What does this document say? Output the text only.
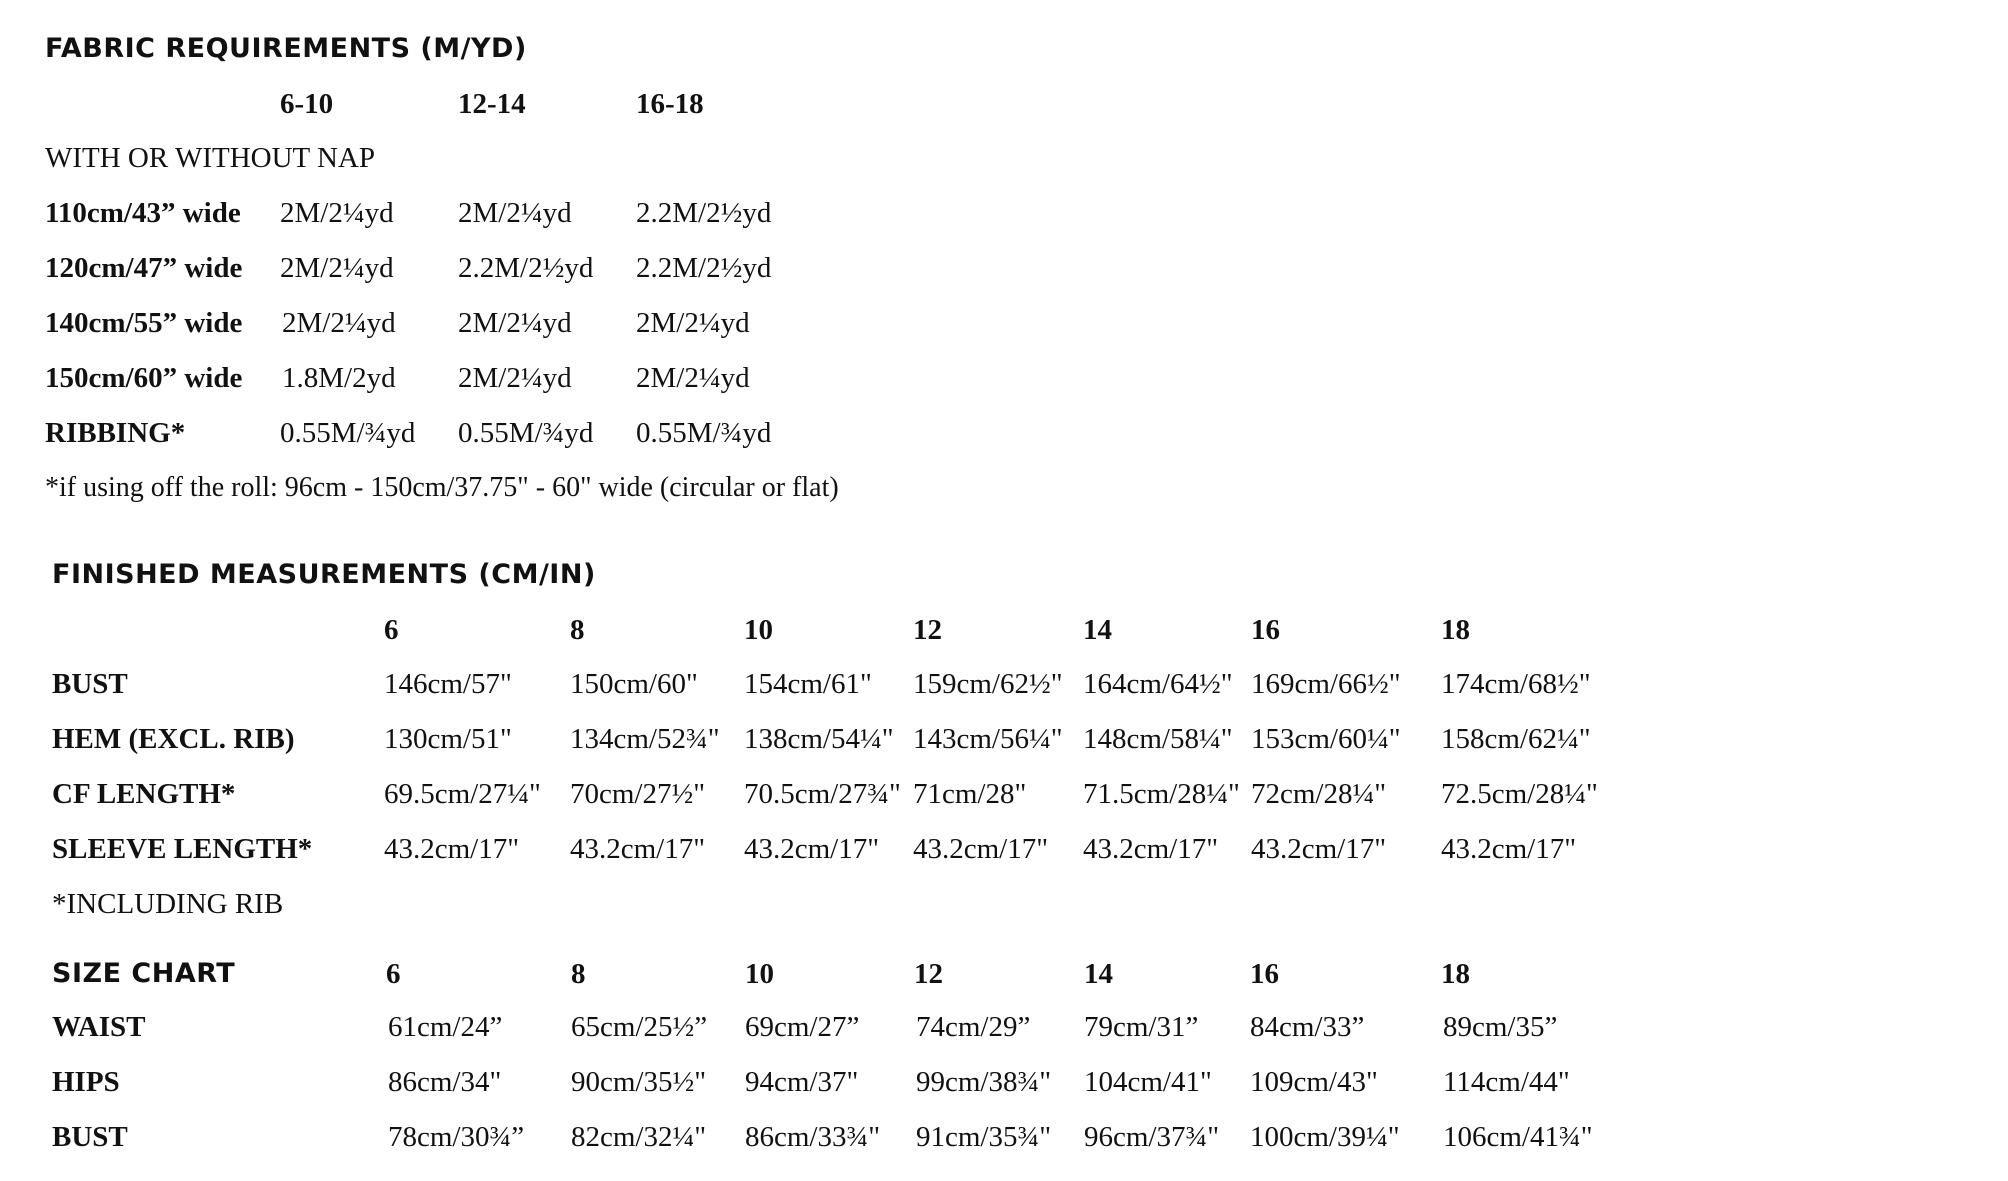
FABRIC REQUIREMENTS (M/YD)
6-10	12-14	16-18
WITH OR WITHOUT NAP
110cm/43” wide 2M/2¼yd 2M/2¼yd 2.2M/2½yd
120cm/47” wide 2M/2¼yd 2.2M/2½yd 2.2M/2½yd
140cm/55” wide 2M/2¼yd 2M/2¼yd 2M/2¼yd
150cm/60” wide 1.8M/2yd 2M/2¼yd 2M/2¼yd
RIBBING*	0.55M/¾yd 0.55M/¾yd 0.55M/¾yd
*if using off the roll: 96cm - 150cm/37.75" - 60" wide (circular or flat)
FINISHED MEASUREMENTS (CM/IN)
6	8	10	12	14	16	18
BUST	146cm/57" 150cm/60" 154cm/61" 159cm/62½" 164cm/64½" 169cm/66½" 174cm/68½"
HEM (EXCL. RIB)	130cm/51" 134cm/52¾" 138cm/54¼" 143cm/56¼" 148cm/58¼" 153cm/60¼" 158cm/62¼"
CF LENGTH*	69.5cm/27¼" 70cm/27½" 70.5cm/27¾" 71cm/28" 71.5cm/28¼" 72cm/28¼" 72.5cm/28¼"
SLEEVE LENGTH* 43.2cm/17" 43.2cm/17" 43.2cm/17" 43.2cm/17" 43.2cm/17" 43.2cm/17" 43.2cm/17"
*INCLUDING RIB
SIZE CHART	6	8	10	12	14	16	18
WAIST	61cm/24” 65cm/25½” 69cm/27” 74cm/29” 79cm/31” 84cm/33”	89cm/35”
HIPS	86cm/34" 90cm/35½" 94cm/37" 99cm/38¾" 104cm/41" 109cm/43" 114cm/44"
BUST	78cm/30¾” 82cm/32¼" 86cm/33¾" 91cm/35¾" 96cm/37¾" 100cm/39¼" 106cm/41¾"
